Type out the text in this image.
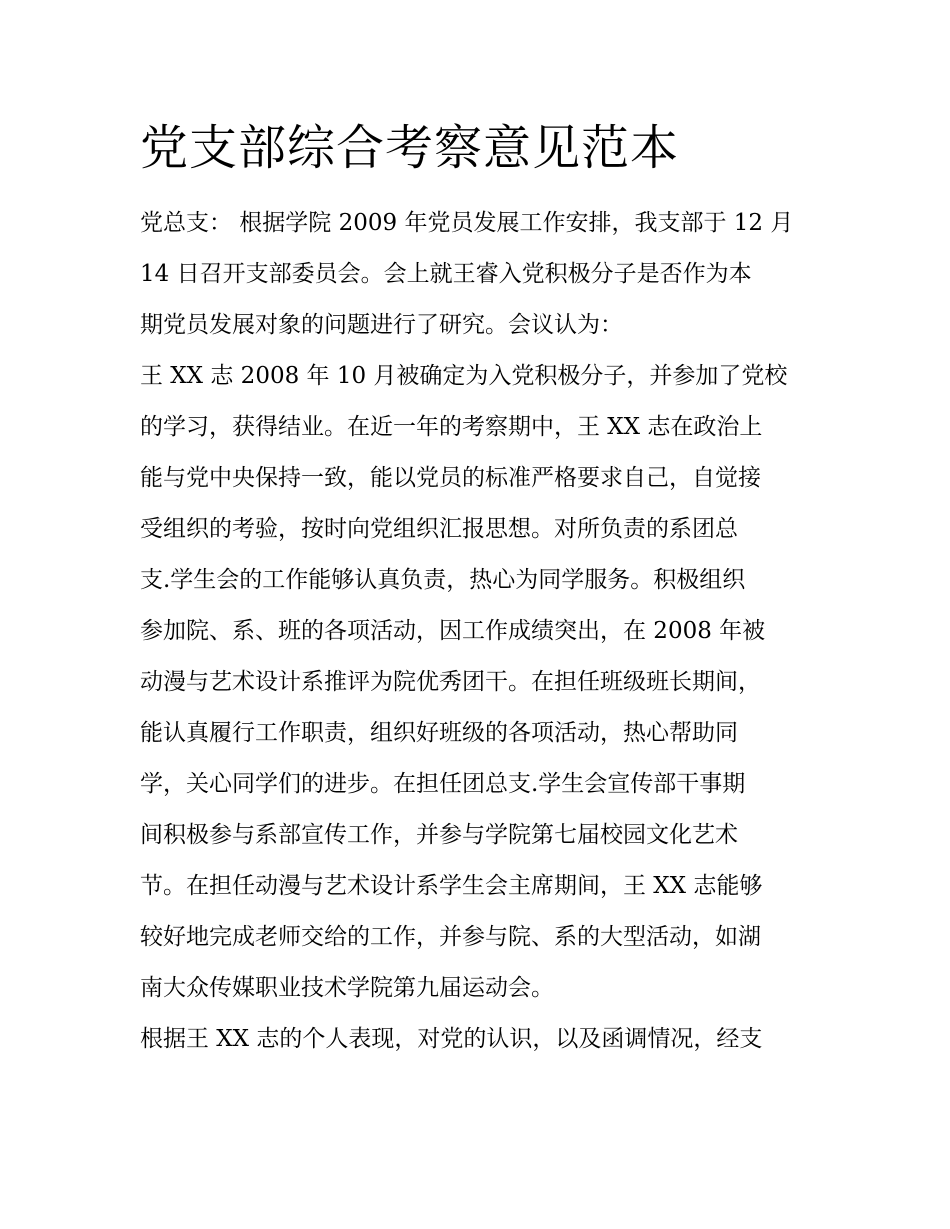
党支部综合考察意见范本
党总支： 根据学院 2009 年党员发展工作安排，我支部于 12 月
14 日召开支部委员会。会上就王睿入党积极分子是否作为本
期党员发展对象的问题进行了研究。会议认为：
王 XX 志 2008 年 10 月被确定为入党积极分子，并参加了党校
的学习，获得结业。在近一年的考察期中，王 XX 志在政治上
能与党中央保持一致，能以党员的标准严格要求自己，自觉接
受组织的考验，按时向党组织汇报思想。对所负责的系团总
支.学生会的工作能够认真负责，热心为同学服务。积极组织
参加院、系、班的各项活动，因工作成绩突出，在 2008 年被
动漫与艺术设计系推评为院优秀团干。在担任班级班长期间，
能认真履行工作职责，组织好班级的各项活动，热心帮助同
学，关心同学们的进步。在担任团总支.学生会宣传部干事期
间积极参与系部宣传工作，并参与学院第七届校园文化艺术
节。在担任动漫与艺术设计系学生会主席期间，王 XX 志能够
较好地完成老师交给的工作，并参与院、系的大型活动，如湖
南大众传媒职业技术学院第九届运动会。
根据王 XX 志的个人表现，对党的认识，以及函调情况，经支
